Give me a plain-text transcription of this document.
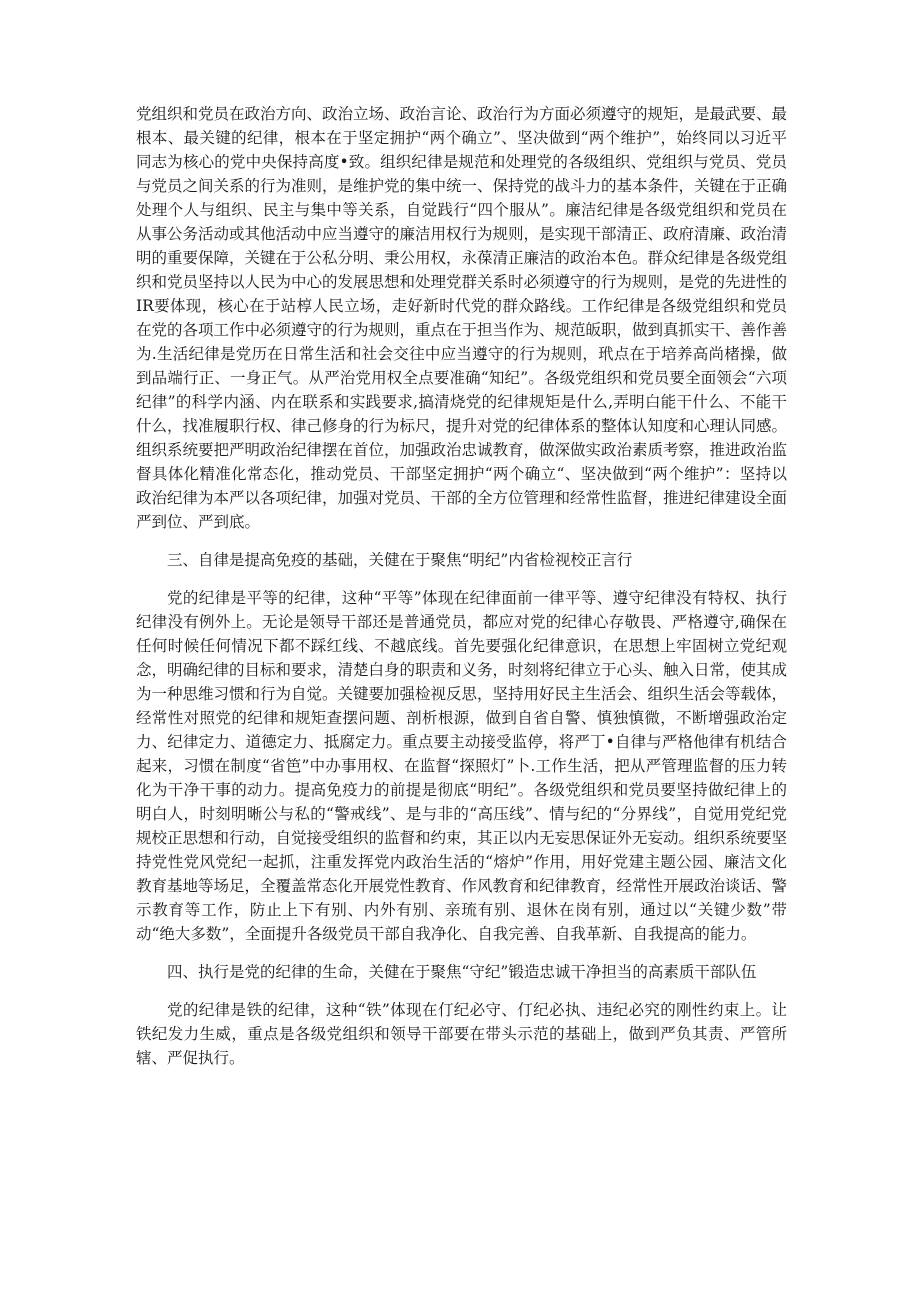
党组织和党员在政治方向、政治立场、政治言论、政治行为方面必须遵守的规矩，是最武要、最根本、最关键的纪律，根本在于坚定拥护“两个确立”、坚决做到“两个维护”，始终同以习近平同志为核心的党中央保持高度•致。组织纪律是规范和处理党的各级组织、党组织与党员、党员与党员之间关系的行为准则，是维护党的集中统一、保持党的战斗力的基本条件，关键在于正确处理个人与组织、民主与集中等关系，自觉践行“四个服从”。廉洁纪律是各级党组织和党员在从事公务活动或其他活动中应当遵守的廉洁用权行为规则，是实现干部清正、政府清廉、政治清明的重要保障，关键在于公私分明、秉公用权，永葆清正廉洁的政治本色。群众纪律是各级党组织和党员坚持以人民为中心的发展思想和处理党群关系时必须遵守的行为规则，是党的先进性的IR要体现，核心在于站椁人民立场，走好新时代党的群众路线。工作纪律是各级党组织和党员在党的各项工作中必须遵守的行为规则，重点在于担当作为、规范皈职，做到真抓实干、善作善为.生活纪律是党历在日常生活和社会交往中应当遵守的行为规则，玳点在于培养高尚楮操，做到品端行正、一身正气。从严治党用权全点要准确“知纪”。各级党组织和党员要全面领会“六项纪律”的科学内涵、内在联系和实践要求,搞清烧党的纪律规矩是什么,弄明白能干什么、不能干什么，找准履职行权、律己修身的行为标尺，提升对党的纪律体系的整体认知度和心理认同感。组织系统要把严明政治纪律摆在首位，加强政治忠诚教育，做深做实政治素质考察，推进政治监督具体化精准化常态化，推动党员、干部坚定拥护“两个确立“、坚决做到“两个维护”：坚持以政治纪律为本严以各项纪律，加强对党员、干部的全方位管理和经常性监督，推进纪律建设全面严到位、严到底。

三、自律是提高免疫的基础，关健在于聚焦“明纪”内省检视校正言行

党的纪律是平等的纪律，这种“平等”体现在纪律面前一律平等、遵守纪律没有特权、执行纪律没有例外上。无论是领导干部还是普通党员，都应对党的纪律心存敬畏、严格遵守,确保在任何时候任何情况下都不踩红线、不越底线。首先要强化纪律意识，在思想上牢固树立党纪观念，明确纪律的目标和要求，清楚白身的职责和义务，时刻将纪律立于心头、触入日常，使其成为一种思维习惯和行为自觉。关键要加强检视反思，坚持用好民主生活会、组织生活会等载体，经常性对照党的纪律和规矩查摆问题、剖析根源，做到自省自警、慎独慎微，不断增强政治定力、纪律定力、道德定力、抵腐定力。重点要主动接受监停，将严丁•自律与严格他律有机结合起来，习惯在制度“省笆”中办事用权、在监督“探照灯”卜.工作生活，把从严管理监督的压力转化为干净干事的动力。提高免疫力的前提是彻底“明纪”。各级党组织和党员要坚持做纪律上的明白人，时刻明晰公与私的“警戒线”、是与非的“高压线”、情与纪的“分界线”，自觉用党纪党规校正思想和行动，自觉接受组织的监督和约束，其正以内无妄思保证外无妄动。组织系统要坚持党性党风党纪一起抓，注重发挥党内政治生活的“熔炉”作用，用好党建主题公园、廉洁文化教育基地等场足，全覆盖常态化开展党性教育、作风教育和纪律教育，经常性开展政治谈话、警示教育等工作，防止上下有别、内外有别、亲琉有别、退休在岗有别，通过以“关键少数”带动“绝大多数”，全面提升各级党员干部自我净化、自我完善、自我革新、自我提高的能力。

四、执行是党的纪律的生命，关健在于聚焦“守纪”锻造忠诚干净担当的高素质干部队伍

党的纪律是铁的纪律，这种“铁”体现在仃纪必守、仃纪必执、违纪必究的刚性约束上。让铁纪发力生威，重点是各级党组织和领导干部要在带头示范的基础上，做到严负其责、严管所辖、严促执行。
